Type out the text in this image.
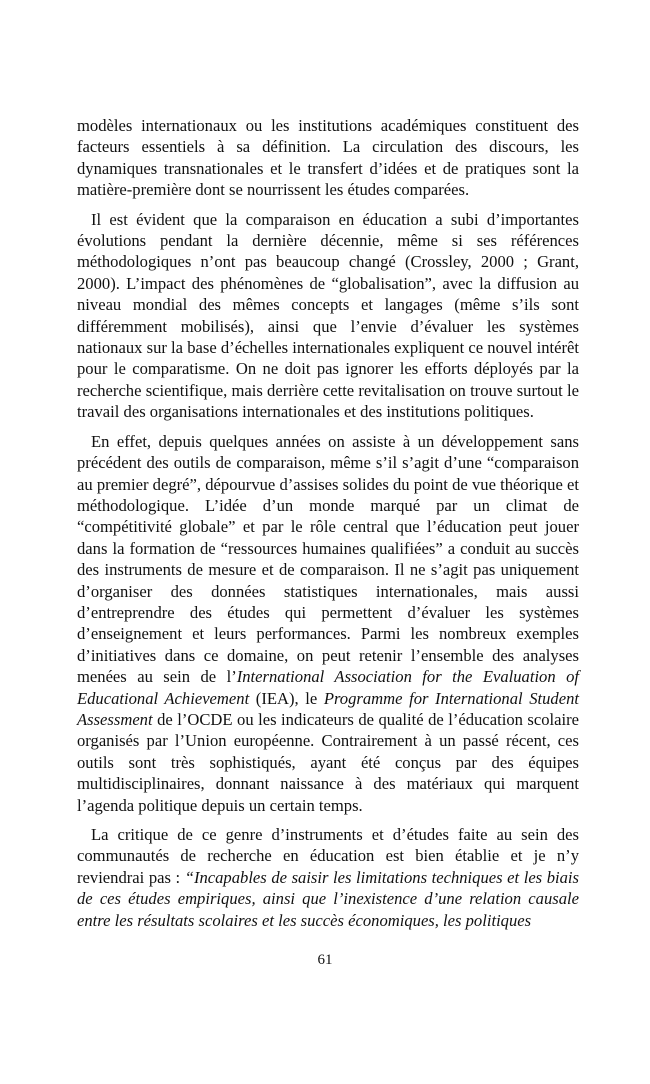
modèles internationaux ou les institutions académiques constituent des facteurs essentiels à sa définition. La circulation des discours, les dynamiques transnationales et le transfert d’idées et de pratiques sont la matière-première dont se nourrissent les études comparées.

Il est évident que la comparaison en éducation a subi d’importantes évolutions pendant la dernière décennie, même si ses références méthodologiques n’ont pas beaucoup changé (Crossley, 2000 ; Grant, 2000). L’impact des phénomènes de “globalisation”, avec la diffusion au niveau mondial des mêmes concepts et langages (même s’ils sont différemment mobilisés), ainsi que l’envie d’évaluer les systèmes nationaux sur la base d’échelles internationales expliquent ce nouvel intérêt pour le comparatisme. On ne doit pas ignorer les efforts déployés par la recherche scientifique, mais derrière cette revitalisation on trouve surtout le travail des organisations internationales et des institutions politiques.

En effet, depuis quelques années on assiste à un développement sans précédent des outils de comparaison, même s’il s’agit d’une “comparaison au premier degré”, dépourvue d’assises solides du point de vue théorique et méthodologique. L’idée d’un monde marqué par un climat de “compétitivité globale” et par le rôle central que l’éducation peut jouer dans la formation de “ressources humaines qualifiées” a conduit au succès des instruments de mesure et de comparaison. Il ne s’agit pas uniquement d’organiser des données statistiques internationales, mais aussi d’entreprendre des études qui permettent d’évaluer les systèmes d’enseignement et leurs performances. Parmi les nombreux exemples d’initiatives dans ce domaine, on peut retenir l’ensemble des analyses menées au sein de l’International Association for the Evaluation of Educational Achievement (IEA), le Programme for International Student Assessment de l’OCDE ou les indicateurs de qualité de l’éducation scolaire organisés par l’Union européenne. Contrairement à un passé récent, ces outils sont très sophistiqués, ayant été conçus par des équipes multidisciplinaires, donnant naissance à des matériaux qui marquent l’agenda politique depuis un certain temps.

La critique de ce genre d’instruments et d’études faite au sein des communautés de recherche en éducation est bien établie et je n’y reviendrai pas : “Incapables de saisir les limitations techniques et les biais de ces études empiriques, ainsi que l’inexistence d’une relation causale entre les résultats scolaires et les succès économiques, les politiques

61
